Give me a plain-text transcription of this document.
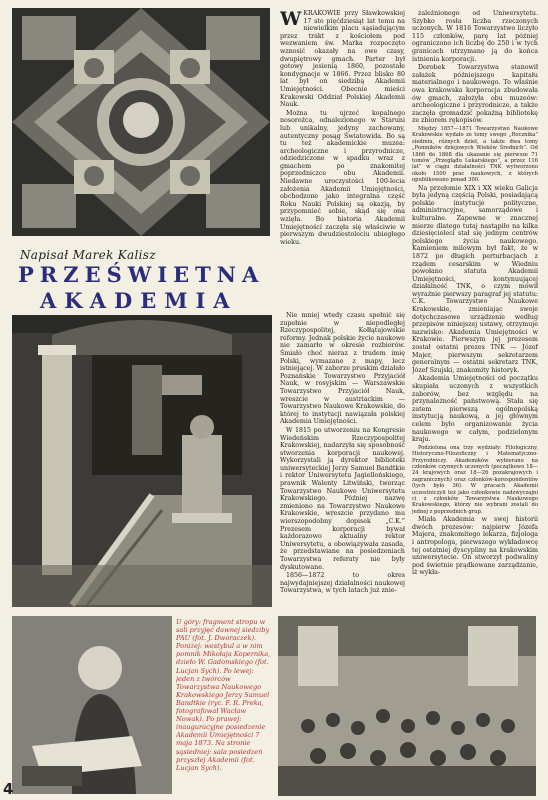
Napisał Marek Kalisz
PRZEŚWIETNA
AKADEMIA
U góry: fragment stropu w sali przyjęć dawnej siedziby PAU (fot. J. Dworaczek). Poniżej: westybul a w nim pomnik Mikołaja Kopernika, dzieło W. Gadomskiego (fot. Lucjan Sych). Po lewej: jeden z twórców Towarzystwa Naukowego Krakowskiego Jerzy Samuel Bandtkie (ryc. F. R. Preka, fotografował Wacław Nowak). Po prawej: inauguracyjne posiedzenie Akademii Umiejętności 7 maja 1873. Na stronie sąsiedniej: sala posiedzeń przyszłej Akademii (fot. Lucjan Sych).
4

WKRAKOWIE przy Sławkowskiej 17 sto pięćdziesiąt lat temu na niewielkim placu sąsiadującym przez trakt z kościołem pod wezwaniem św. Marka rozpoczęto wznosić okazały na owe czasy, dwupiętrowy gmach. Parter był gotowy jesienią 1860, pozostałe kondygnacje w 1866. Przez blisko 80 lat był on siedzibą Akademii Umiejętności. Obecnie mieści Krakowski Oddział Polskiej Akademii Nauk.

Można tu ujrzeć kopalnego nosorożca, odnalezionego w Staruni lub unikalny, jedyny zachowany, autentyczny posąg Światowida. Bo są tu też akademickie muzea: archeologiczne i przyrodnicze, odziedziczone w spadku wraz z gmachem po znakomitej poprzedniczce obu Akademii. Niedawne uroczystości 100-lecia założenia Akademii Umiejętności, obchodzone jako integralna część Roku Nauki Polskiej są okazją, by przypomnieć sobie, skąd się ona wzięła. Bo historia Akademii Umiejętności zaczęła się właściwie w pierwszym dwudziestoleciu ubiegłego wieku.

Nie mniej wtedy czasu spełnić się zupełnie w niepodległej Rzeczypospolitej, Kołłątajowskie reformy. Jednak polskie życie naukowe nie zamarło w okresie rozbiorów. Śmiało choć nieraz z trudem imię Polski, wymazane z mapy, lecz istniejącej. W zaborze pruskim działało Poznańskie Towarzystwo Przyjaciół Nauk, w rosyjskim — Warszawskie Towarzystwo Przyjaciół Nauk, wreszcie w austriackim — Towarzystwo Naukowe Krakowskie, do której to instytucji nawiązała polskiej Akademia Umiejętności.

W 1815 po utworzeniu na Kongresie Wiedeńskim Rzeczypospolitej Krakowskiej, nadarzyła się sposobność stworzenia korporacji naukowej. Wykorzystali ją dyrektor biblioteki uniwersyteckiej Jerzy Samuel Bandtkie i rektor Uniwersytetu Jagiellońskiego, prawnik Walenty Litwiński, tworząc Towarzystwo Naukowe Uniwersytetu Krakowskiego. Później nazwę zmieniono na Towarzystwo Naukowe Krakowskie, wreszcie przydano mu wierszopodobny dopisek „C.K.” Prezesem korporacji bywał każdorazowo aktualny rektor Uniwersytetu, a obowiązywała zasada, że przedstawiane na posiedzeniach Towarzystwa referaty nie były dyskutowane.

1856—1872 to okres najwydajniejszej działalności naukowej Towarzystwa, w tych latach już znie-

zależnionego od Uniwersytetu. Szybko rosła liczba rzeczonych uczonych. W 1816 Towarzystwo liczyło 115 członków, parę lat później ograniczono ich liczbę do 250 i w tych granicach utrzymano ją do końca istnienia korporacji.

Dorobek Towarzystwa stanowił załażek późniejszego kapitału materialnego i naukowego. To właśnie owa krakowska korporacja zbudowała ów gmach, założyła obu muzeów: archeologiczne i przyrodnicze, a także zaczęła gromadzić pokaźną bibliotekę ze zbiorem rękopisów.

Między 1857—1871 Towarzystwo Naukowe Krakowskie wydało ze tomy swego „Rocznika” siedmiu, różnych dzieł, a także dwa tomy „Pomników dziejowych Wieków Średnich”. Od 1866 do 1868 dla ukazanie się pierwsze 71 tomów „Przeglądu Lekarskiego”, a przez 116 lat” w ciągu działalności TNK wytworzono około 1500 prac naukowych, z których opublikowano ponad 300.

Na przełomie XIX i XX wieku Galicja była jedyną częścią Polski, posiadającą polskie instytucje polityczne, administracyjne, samorządowe i kulturalne. Zapewne w znacznej mierze dlatego tutaj nastąpiło na kilka dziesięcioleci stał się jednym centrów polskiego życia naukowego. Kamieniem milowym był fakt, że w 1872 po długich perturbacjach z rządem cesarskim w Wiedniu powołano statuta Akademii Umiejętności, kontynuującej działalność TNK, o czym mówił wyraźnie pierwszy paragraf jej statutu: C.K. Towarzystwo Naukowe Krakowskie, zmieniając swoje dotychczasowe urządzenie według przepisów niniejszej ustawy, otrzymuje nazwisko: Akademia Umiejętności w Krakowie. Pierwszym jej prezesem został ostatni prezes TNK — Józef Majer, pierwszym sekretarzem generalnym — ostatni sekretarz TNK, Józef Szujski, znakomity historyk.

Akademia Umiejętności od początku skupiała uczonych z wszystkich zaborów, bez względu na przynależność państwową. Stała się zatem pierwszą ogólnopolską instytucją naukową, a jej głównym celem było organizowanie życia naukowego w całym, podzielonym kraju.

Podzielona ona trzy wydziały: Filologiczny, Historyczno-Filozoficzny i Matematyczno-Przyrodniczy. Akademików wybierano na członków czynnych uczonych (początkowo 18—24 krajowych oraz 18—26 pozakrajowych i zagranicznych) oraz członków-korespondentów (tych było 36). W pracach Akademii uczestniczyli też jako członkowie nadzwyczajni ci z członków Towarzystwa Naukowego Krakowskiego, którzy nie wybrani zostali do jednej z poprzednich grup.

Miała Akademia w swej historii dwóch prezesów: najpierw Józefa Majera, znakomitego lekarza, fizjologa i antropologa, pierwszego wykładowcę tej ostatniej dyscypliny na krakowskim uniwersytecie. On stworzył podwaliny pod świetnie prądkowane zarządzanie, iż wykła-
